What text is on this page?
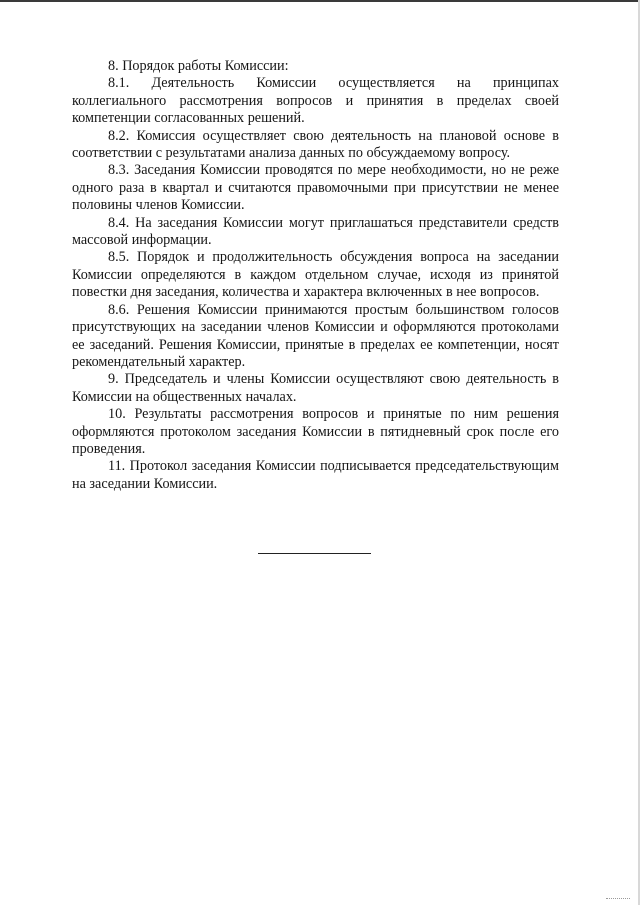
8. Порядок работы Комиссии:

8.1. Деятельность Комиссии осуществляется на принципах коллегиального рассмотрения вопросов и принятия в пределах своей компетенции согласованных решений.

8.2. Комиссия осуществляет свою деятельность на плановой основе в соответствии с результатами анализа данных по обсуждаемому вопросу.

8.3. Заседания Комиссии проводятся по мере необходимости, но не реже одного раза в квартал и считаются правомочными при присутствии не менее половины членов Комиссии.

8.4. На заседания Комиссии могут приглашаться представители средств массовой информации.

8.5. Порядок и продолжительность обсуждения вопроса на заседании Комиссии определяются в каждом отдельном случае, исходя из принятой повестки дня заседания, количества и характера включенных в нее вопросов.

8.6. Решения Комиссии принимаются простым большинством голосов присутствующих на заседании членов Комиссии и оформляются протоколами ее заседаний. Решения Комиссии, принятые в пределах ее компетенции, носят рекомендательный характер.

9. Председатель и члены Комиссии осуществляют свою деятельность в Комиссии на общественных началах.

10. Результаты рассмотрения вопросов и принятые по ним решения оформляются протоколом заседания Комиссии в пятидневный срок после его проведения.

11. Протокол заседания Комиссии подписывается председательствующим на заседании Комиссии.
